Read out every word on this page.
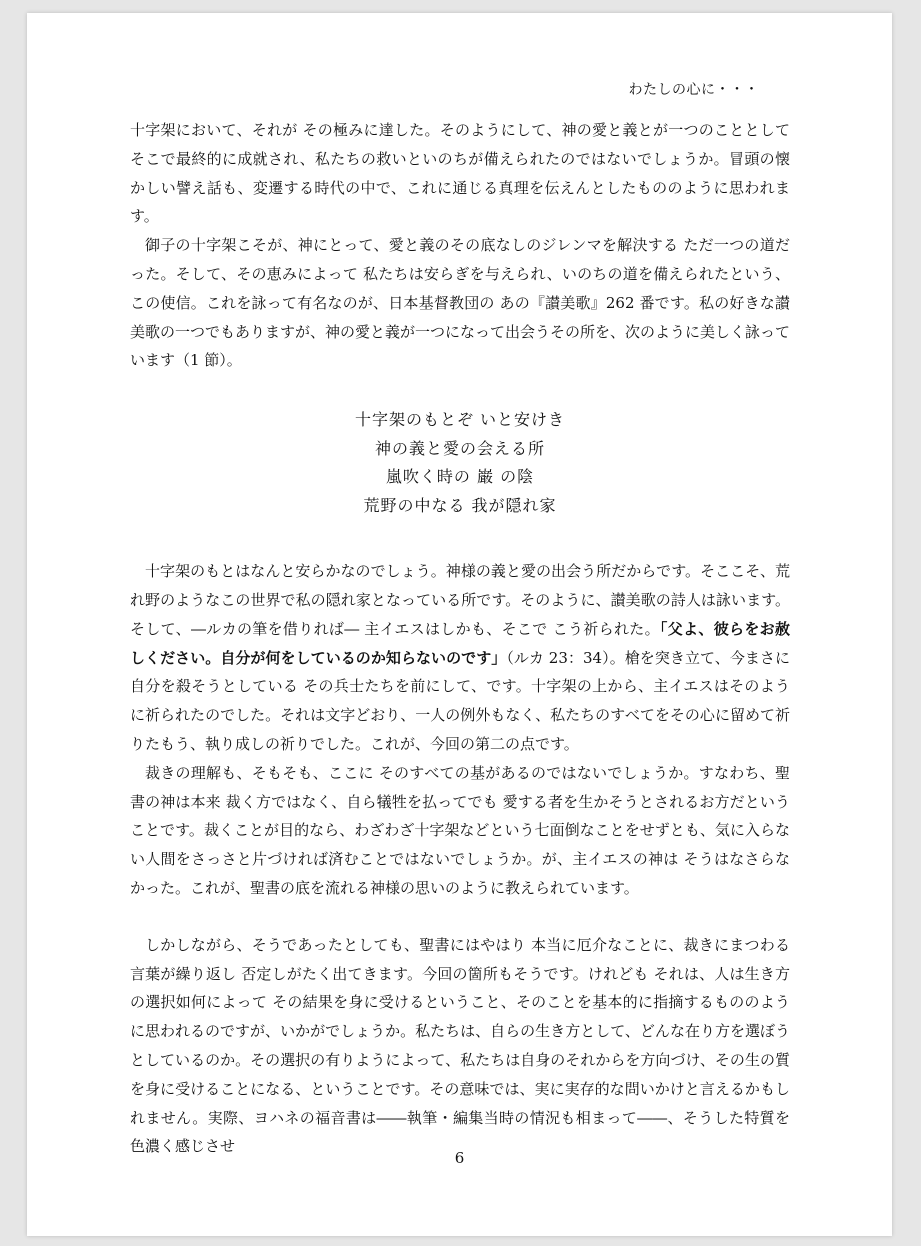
わたしの心に・・・

十字架において、それが その極みに達した。そのようにして、神の愛と義とが一つのこととして そこで最終的に成就され、私たちの救いといのちが備えられたのではないでしょうか。冒頭の懐かしい譬え話も、変遷する時代の中で、これに通じる真理を伝えんとしたもののように思われます。

御子の十字架こそが、神にとって、愛と義のその底なしのジレンマを解決する ただ一つの道だった。そして、その恵みによって 私たちは安らぎを与えられ、いのちの道を備えられたという、この使信。これを詠って有名なのが、日本基督教団の あの『讃美歌』262 番です。私の好きな讃美歌の一つでもありますが、神の愛と義が一つになって出会うその所を、次のように美しく詠っています（1 節）。

十字架のもとぞ いと安けき
神の義と愛の会える所
嵐吹く時の 巌 の陰
荒野の中なる 我が隠れ家

十字架のもとはなんと安らかなのでしょう。神様の義と愛の出会う所だからです。そここそ、荒れ野のようなこの世界で私の隠れ家となっている所です。そのように、讃美歌の詩人は詠います。そして、―ルカの筆を借りれば― 主イエスはしかも、そこで こう祈られた。「父よ、彼らをお赦しください。自分が何をしているのか知らないのです」（ルカ 23：34）。槍を突き立て、今まさに自分を殺そうとしている その兵士たちを前にして、です。十字架の上から、主イエスはそのように祈られたのでした。それは文字どおり、一人の例外もなく、私たちのすべてをその心に留めて祈りたもう、執り成しの祈りでした。これが、今回の第二の点です。

裁きの理解も、そもそも、ここに そのすべての基があるのではないでしょうか。すなわち、聖書の神は本来 裁く方ではなく、自ら犠牲を払ってでも 愛する者を生かそうとされるお方だということです。裁くことが目的なら、わざわざ十字架などという七面倒なことをせずとも、気に入らない人間をさっさと片づければ済むことではないでしょうか。が、主イエスの神は そうはなさらなかった。これが、聖書の底を流れる神様の思いのように教えられています。

しかしながら、そうであったとしても、聖書にはやはり 本当に厄介なことに、裁きにまつわる言葉が繰り返し 否定しがたく出てきます。今回の箇所もそうです。けれども それは、人は生き方の選択如何によって その結果を身に受けるということ、そのことを基本的に指摘するもののように思われるのですが、いかがでしょうか。私たちは、自らの生き方として、どんな在り方を選ぼうとしているのか。その選択の有りようによって、私たちは自身のそれからを方向づけ、その生の質を身に受けることになる、ということです。その意味では、実に実存的な問いかけと言えるかもしれません。実際、ヨハネの福音書は――執筆・編集当時の情況も相まって――、そうした特質を色濃く感じさせ

6
